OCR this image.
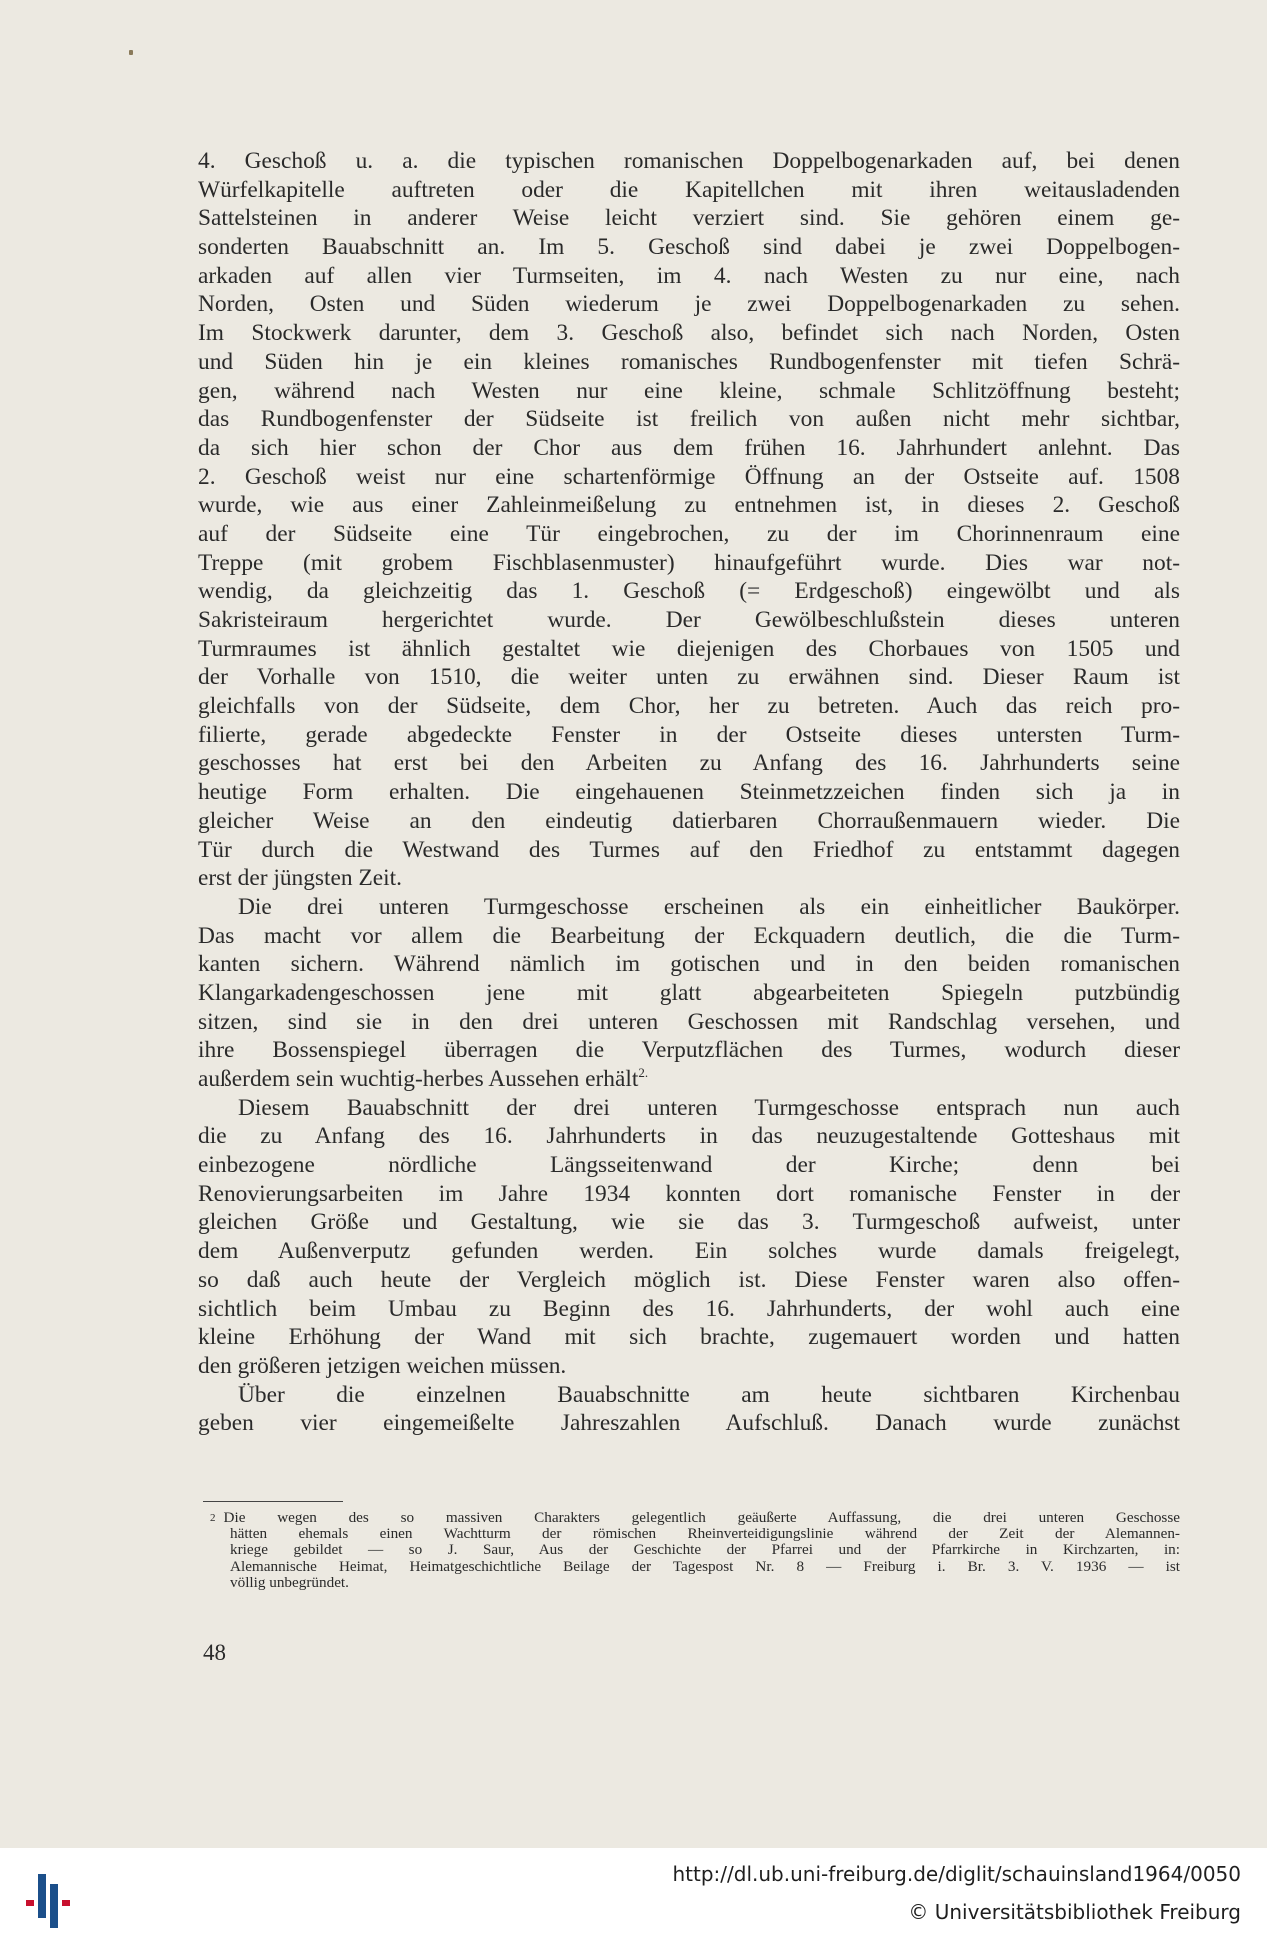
4. Geschoß u. a. die typischen romanischen Doppelbogenarkaden auf, bei denen
Würfelkapitelle auftreten oder die Kapitellchen mit ihren weitausladenden
Sattelsteinen in anderer Weise leicht verziert sind. Sie gehören einem ge-
sonderten Bauabschnitt an. Im 5. Geschoß sind dabei je zwei Doppelbogen-
arkaden auf allen vier Turmseiten, im 4. nach Westen zu nur eine, nach
Norden, Osten und Süden wiederum je zwei Doppelbogenarkaden zu sehen.
Im Stockwerk darunter, dem 3. Geschoß also, befindet sich nach Norden, Osten
und Süden hin je ein kleines romanisches Rundbogenfenster mit tiefen Schrä-
gen, während nach Westen nur eine kleine, schmale Schlitzöffnung besteht;
das Rundbogenfenster der Südseite ist freilich von außen nicht mehr sichtbar,
da sich hier schon der Chor aus dem frühen 16. Jahrhundert anlehnt. Das
2. Geschoß weist nur eine schartenförmige Öffnung an der Ostseite auf. 1508
wurde, wie aus einer Zahleinmeißelung zu entnehmen ist, in dieses 2. Geschoß
auf der Südseite eine Tür eingebrochen, zu der im Chorinnenraum eine
Treppe (mit grobem Fischblasenmuster) hinaufgeführt wurde. Dies war not-
wendig, da gleichzeitig das 1. Geschoß (= Erdgeschoß) eingewölbt und als
Sakristeiraum hergerichtet wurde. Der Gewölbeschlußstein dieses unteren
Turmraumes ist ähnlich gestaltet wie diejenigen des Chorbaues von 1505 und
der Vorhalle von 1510, die weiter unten zu erwähnen sind. Dieser Raum ist
gleichfalls von der Südseite, dem Chor, her zu betreten. Auch das reich pro-
filierte, gerade abgedeckte Fenster in der Ostseite dieses untersten Turm-
geschosses hat erst bei den Arbeiten zu Anfang des 16. Jahrhunderts seine
heutige Form erhalten. Die eingehauenen Steinmetzzeichen finden sich ja in
gleicher Weise an den eindeutig datierbaren Chorraußenmauern wieder. Die
Tür durch die Westwand des Turmes auf den Friedhof zu entstammt dagegen
erst der jüngsten Zeit.
Die drei unteren Turmgeschosse erscheinen als ein einheitlicher Baukörper.
Das macht vor allem die Bearbeitung der Eckquadern deutlich, die die Turm-
kanten sichern. Während nämlich im gotischen und in den beiden romanischen
Klangarkadengeschossen jene mit glatt abgearbeiteten Spiegeln putzbündig
sitzen, sind sie in den drei unteren Geschossen mit Randschlag versehen, und
ihre Bossenspiegel überragen die Verputzflächen des Turmes, wodurch dieser
außerdem sein wuchtig-herbes Aussehen erhält$^{2.}$
Diesem Bauabschnitt der drei unteren Turmgeschosse entsprach nun auch
die zu Anfang des 16. Jahrhunderts in das neuzugestaltende Gotteshaus mit
einbezogene nördliche Längsseitenwand der Kirche; denn bei
Renovierungsarbeiten im Jahre 1934 konnten dort romanische Fenster in der
gleichen Größe und Gestaltung, wie sie das 3. Turmgeschoß aufweist, unter
dem Außenverputz gefunden werden. Ein solches wurde damals freigelegt,
so daß auch heute der Vergleich möglich ist. Diese Fenster waren also offen-
sichtlich beim Umbau zu Beginn des 16. Jahrhunderts, der wohl auch eine
kleine Erhöhung der Wand mit sich brachte, zugemauert worden und hatten
den größeren jetzigen weichen müssen.
Über die einzelnen Bauabschnitte am heute sichtbaren Kirchenbau
geben vier eingemeißelte Jahreszahlen Aufschluß. Danach wurde zunächst
$^2$ Die wegen des so massiven Charakters gelegentlich geäußerte Auffassung, die drei unteren Geschosse
hätten ehemals einen Wachtturm der römischen Rheinverteidigungslinie während der Zeit der Alemannen-
kriege gebildet — so J. Saur, Aus der Geschichte der Pfarrei und der Pfarrkirche in Kirchzarten, in:
Alemannische Heimat, Heimatgeschichtliche Beilage der Tagespost Nr. 8 — Freiburg i. Br. 3. V. 1936 — ist
völlig unbegründet.
48
http://dl.ub.uni-freiburg.de/diglit/schauinsland1964/0050
© Universitätsbibliothek Freiburg
